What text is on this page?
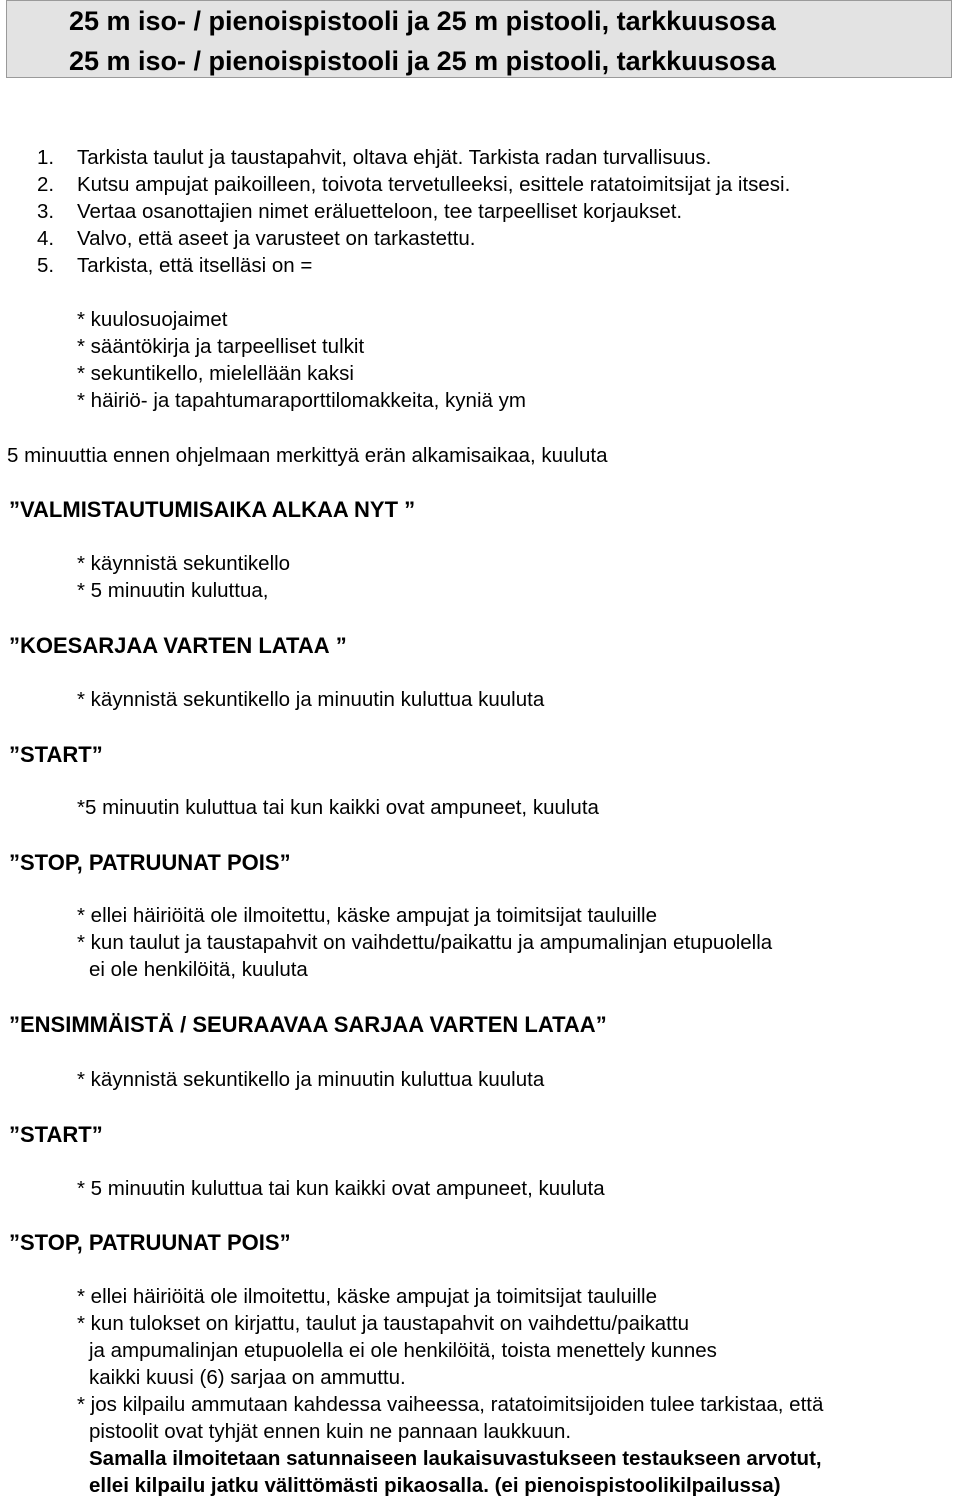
25 m iso- / pienoispistooli ja 25 m pistooli, tarkkuusosa
25 m iso- / pienoispistooli ja 25 m pistooli, tarkkuusosa
1. Tarkista taulut ja taustapahvit, oltava ehjät. Tarkista radan turvallisuus.
2. Kutsu ampujat paikoilleen, toivota tervetulleeksi, esittele ratatoimitsijat ja itsesi.
3. Vertaa osanottajien nimet eräluetteloon, tee tarpeelliset korjaukset.
4. Valvo, että aseet ja varusteet on tarkastettu.
5. Tarkista, että itselläsi on =
* kuulosuojaimet
* sääntökirja ja tarpeelliset tulkit
* sekuntikello, mielellään kaksi
* häiriö- ja tapahtumaraporttilomakkeita, kyniä ym
5 minuuttia ennen ohjelmaan merkittyä erän alkamisaikaa, kuuluta
”VALMISTAUTUMISAIKA ALKAA NYT ”
* käynnistä sekuntikello
* 5 minuutin kuluttua,
”KOESARJAA VARTEN LATAA ”
* käynnistä sekuntikello ja minuutin kuluttua kuuluta
”START”
*5 minuutin kuluttua tai kun kaikki ovat ampuneet, kuuluta
”STOP, PATRUUNAT POIS”
* ellei häiriöitä ole ilmoitettu, käske ampujat ja toimitsijat tauluille
* kun taulut ja taustapahvit on vaihdettu/paikattu ja ampumalinjan etupuolella
ei ole henkilöitä, kuuluta
”ENSIMMÄISTÄ / SEURAAVAA SARJAA VARTEN LATAA”
* käynnistä sekuntikello ja minuutin kuluttua kuuluta
”START”
* 5 minuutin kuluttua tai kun kaikki ovat ampuneet, kuuluta
”STOP, PATRUUNAT POIS”
* ellei häiriöitä ole ilmoitettu, käske ampujat ja toimitsijat tauluille
* kun tulokset on kirjattu, taulut ja taustapahvit on vaihdettu/paikattu
ja ampumalinjan etupuolella ei ole henkilöitä, toista menettely kunnes
kaikki kuusi (6) sarjaa on ammuttu.
* jos kilpailu ammutaan kahdessa vaiheessa, ratatoimitsijoiden tulee tarkistaa, että
pistoolit ovat tyhjät ennen kuin ne pannaan laukkuun.
Samalla ilmoitetaan satunnaiseen laukaisuvastukseen testaukseen arvotut,
ellei kilpailu jatku välittömästi pikaosalla. (ei pienoispistoolikilpailussa)
